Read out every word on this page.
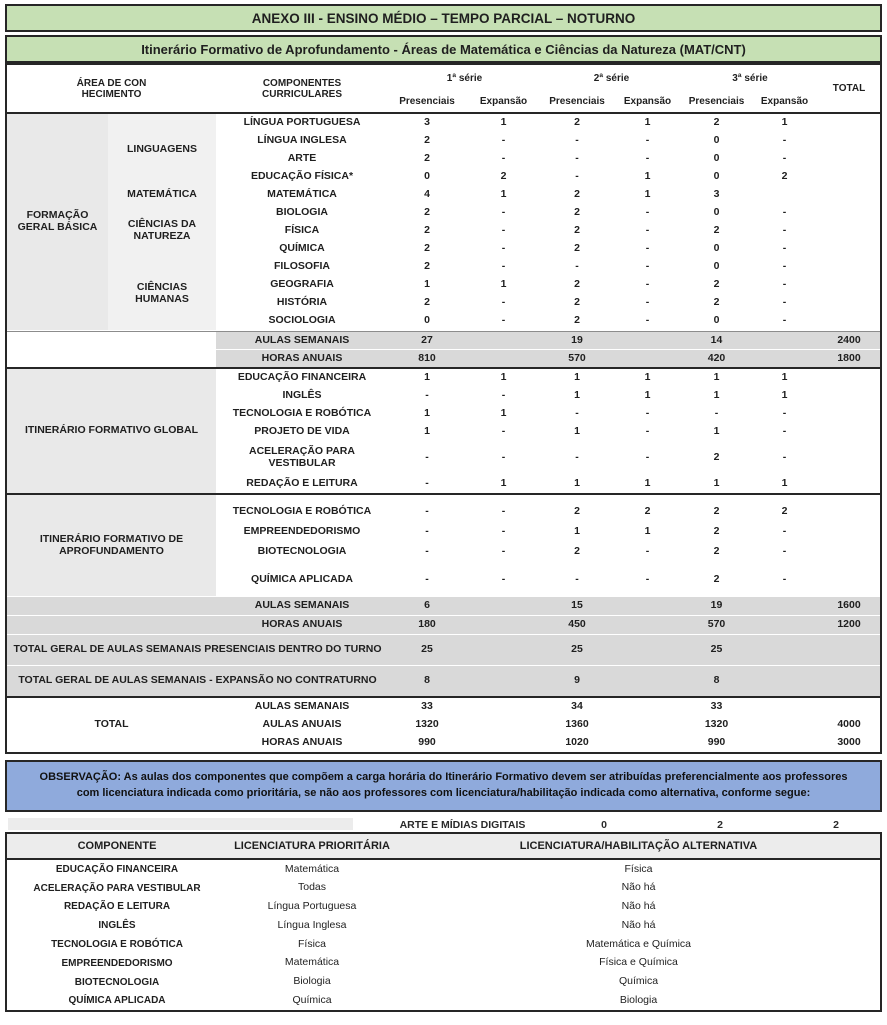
ANEXO III - ENSINO MÉDIO – TEMPO PARCIAL – NOTURNO
Itinerário Formativo de Aprofundamento - Áreas de Matemática e Ciências da Natureza (MAT/CNT)
ÁREA DE CONHECIMENTO
COMPONENTES CURRICULARES
1ª série	2ª série	3ª série
TOTAL
Presenciais	Expansão	Presenciais	Expansão	Presenciais	Expansão
FORMAÇÃO GERAL BÁSICA
LINGUAGENS
MATEMÁTICA
CIÊNCIAS DA NATUREZA
CIÊNCIAS HUMANAS
LÍNGUA PORTUGUESA	3	1	2	1	2	1
LÍNGUA INGLESA	2	-	-	-	0	-
ARTE	2	-	-	-	0	-
EDUCAÇÃO FÍSICA*	0	2	-	1	0	2
MATEMÁTICA	4	1	2	1	3
BIOLOGIA	2	-	2	-	0	-
FÍSICA	2	-	2	-	2	-
QUÍMICA	2	-	2	-	0	-
FILOSOFIA	2	-	-	-	0	-
GEOGRAFIA	1	1	2	-	2	-
HISTÓRIA	2	-	2	-	2	-
SOCIOLOGIA	0	-	2	-	0	-
AULAS SEMANAIS	27	19	14	2400
HORAS ANUAIS	810	570	420	1800
ITINERÁRIO FORMATIVO GLOBAL
EDUCAÇÃO FINANCEIRA	1	1	1	1	1	1
INGLÊS	-	-	1	1	1	1
TECNOLOGIA E ROBÓTICA	1	1	-	-	-	-
PROJETO DE VIDA	1	-	1	-	1	-
ACELERAÇÃO PARA VESTIBULAR	-	-	-	-	2	-
REDAÇÃO E LEITURA	-	1	1	1	1	1
ITINERÁRIO FORMATIVO DE APROFUNDAMENTO
TECNOLOGIA E ROBÓTICA	-	-	2	2	2	2
EMPREENDEDORISMO	-	-	1	1	2	-
BIOTECNOLOGIA	-	-	2	-	2	-
QUÍMICA APLICADA	-	-	-	-	2	-
AULAS SEMANAIS	6	15	19	1600
HORAS ANUAIS	180	450	570	1200
TOTAL GERAL DE AULAS SEMANAIS PRESENCIAIS DENTRO DO TURNO	25	25	25
TOTAL GERAL DE AULAS SEMANAIS - EXPANSÃO NO CONTRATURNO	8	9	8
TOTAL
AULAS SEMANAIS	33	34	33
AULAS ANUAIS	1320	1360	1320	4000
HORAS ANUAIS	990	1020	990	3000
OBSERVAÇÃO: As aulas dos componentes que compõem a carga horária do Itinerário Formativo devem ser atribuídas preferencialmente aos professores com licenciatura indicada como prioritária, se não aos professores com licenciatura/habilitação indicada como alternativa, conforme segue:
ARTE E MÍDIAS DIGITAIS	0	2	2
COMPONENTE	LICENCIATURA PRIORITÁRIA	LICENCIATURA/HABILITAÇÃO ALTERNATIVA
EDUCAÇÃO FINANCEIRA	Matemática	Física
ACELERAÇÃO PARA VESTIBULAR	Todas	Não há
REDAÇÃO E LEITURA	Língua Portuguesa	Não há
INGLÊS	Língua Inglesa	Não há
TECNOLOGIA E ROBÓTICA	Física	Matemática e Química
EMPREENDEDORISMO	Matemática	Física e Química
BIOTECNOLOGIA	Biologia	Química
QUÍMICA APLICADA	Química	Biologia
